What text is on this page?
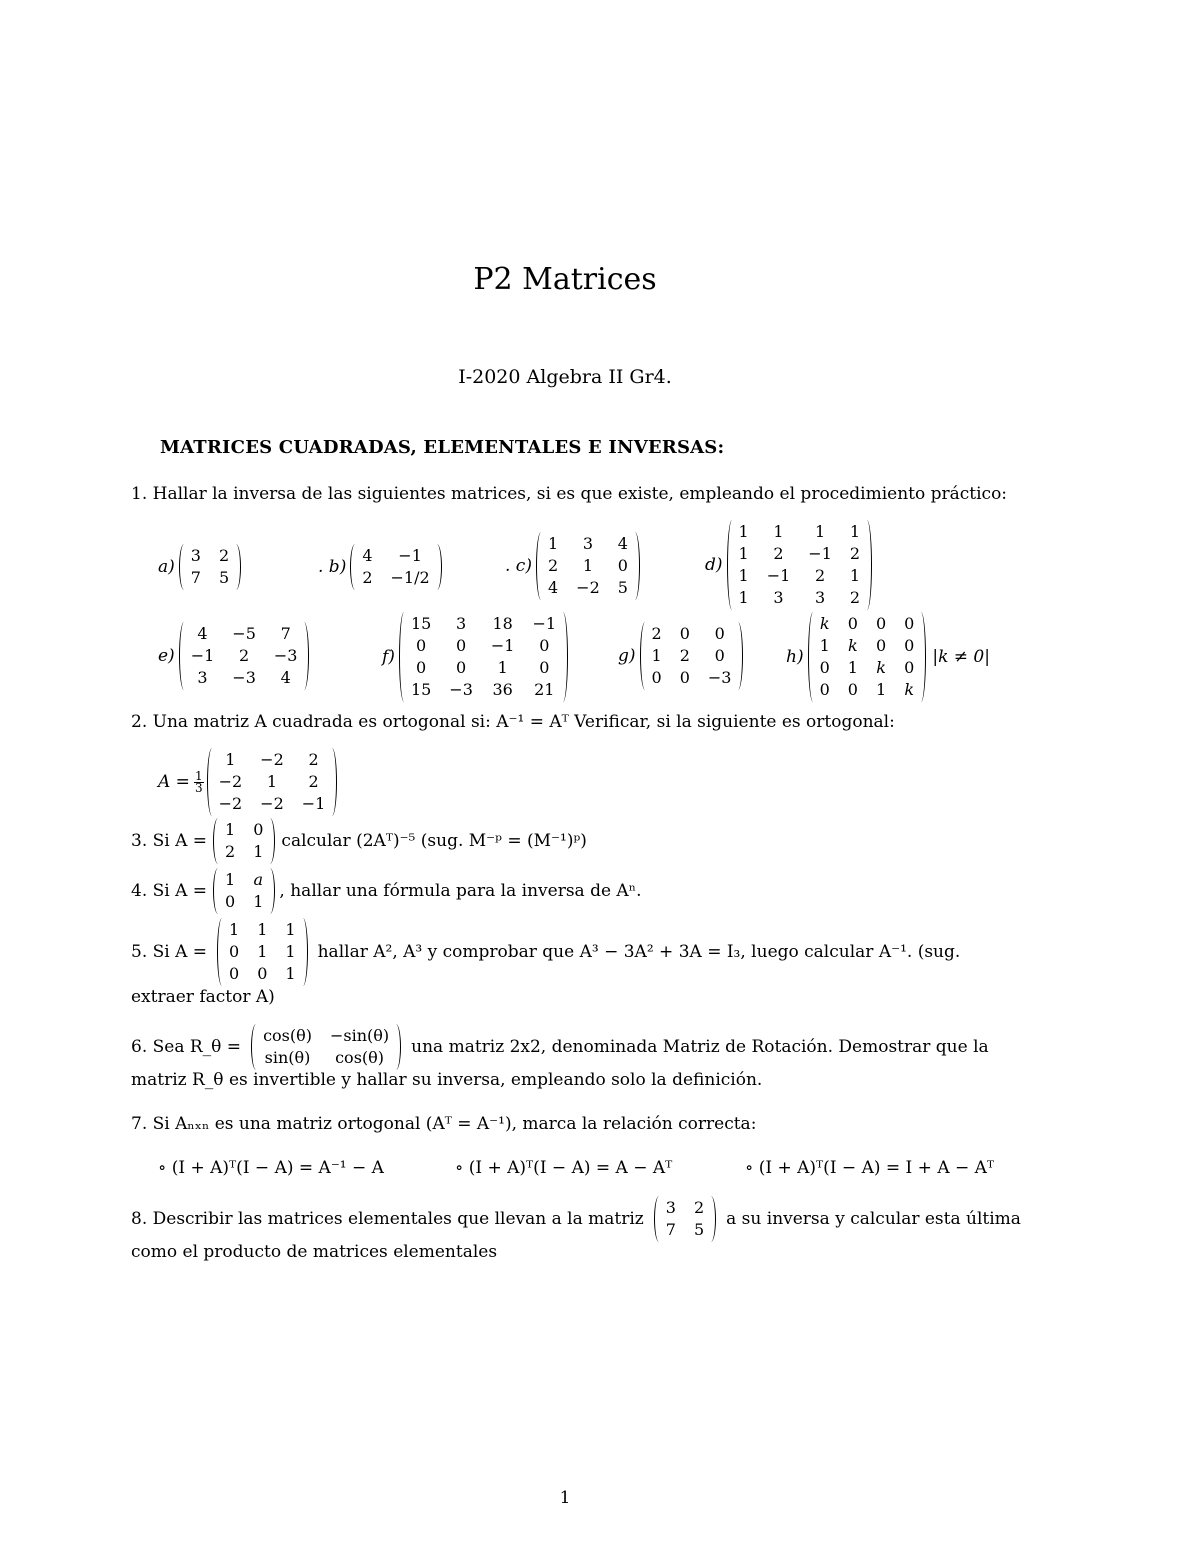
P2 Matrices
I-2020 Algebra II Gr4.
MATRICES CUADRADAS, ELEMENTALES E INVERSAS:
1. Hallar la inversa de las siguientes matrices, si es que existe, empleando el procedimiento práctico:
a)
3 2
7 5
. b)
4	−1
2 −1/2
. c)
1	3	4
2	1	0
4 −2 5
d)
1	1	1	1
1	2	−1 2
1 −1	2	1
1	3	3	2
e)
4	−5	7
−1	2	−3
3	−3	4
f)
15	3	18 −1
0	0	−1	0
0	0	1	0
15 −3 36 21
g)
2 0	0
1 2	0
0 0 −3
h)
k 0 0 0
1 k 0 0
0 1 k 0
0 0 1 k
|k ≠ 0|
2. Una matriz A cuadrada es ortogonal si: A⁻¹ = Aᵀ Verificar, si la siguiente es ortogonal:
$A = \frac{1}{3}$
1	−2	2
−2	1	2
−2 −2 −1
3. Si A =
1 0
2 1
calcular (2Aᵀ)⁻⁵ (sug. M⁻ᵖ = (M⁻¹)ᵖ)
4. Si A =
1 a
0 1
, hallar una fórmula para la inversa de Aⁿ.
5. Si A =
1 1 1
0 1 1
0 0 1
hallar A², A³ y comprobar que A³ − 3A² + 3A = I₃, luego calcular A⁻¹. (sug.
extraer factor A)
6. Sea R_θ =
cos(θ) −sin(θ)
sin(θ)	cos(θ)
una matriz 2x2, denominada Matriz de Rotación. Demostrar que la
matriz R_θ es invertible y hallar su inversa, empleando solo la definición.
7. Si Aₙₓₙ es una matriz ortogonal (Aᵀ = A⁻¹), marca la relación correcta:
∘ (I + A)ᵀ(I − A) = A⁻¹ − A	∘ (I + A)ᵀ(I − A) = A − Aᵀ	∘ (I + A)ᵀ(I − A) = I + A − Aᵀ
8. Describir las matrices elementales que llevan a la matriz
3 2
7 5
a su inversa y calcular esta última
como el producto de matrices elementales
1
